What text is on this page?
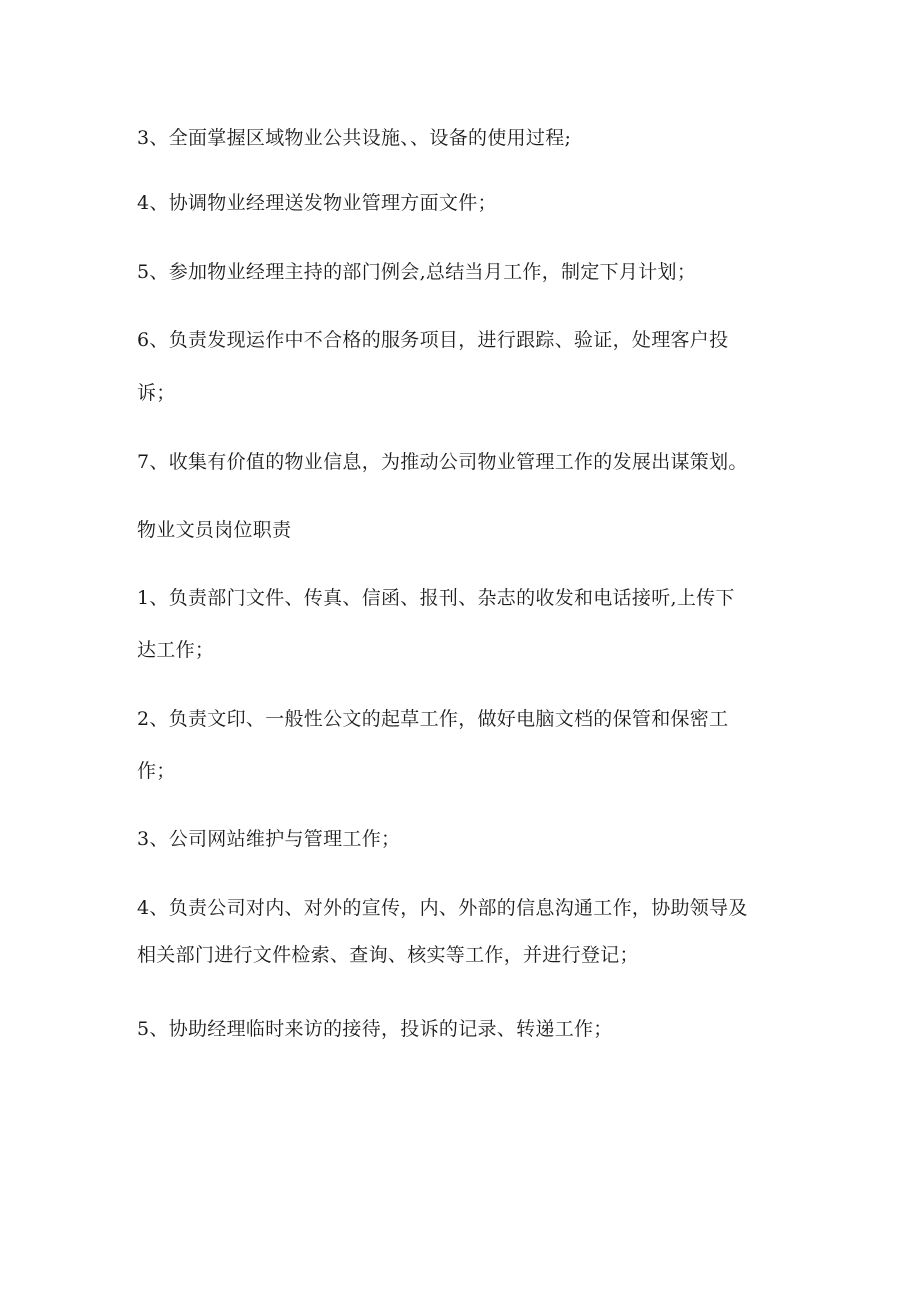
3、全面掌握区域物业公共设施、、设备的使用过程;

4、协调物业经理送发物业管理方面文件；

5、参加物业经理主持的部门例会,总结当月工作，制定下月计划；

6、负责发现运作中不合格的服务项目，进行跟踪、验证，处理客户投

诉；

7、收集有价值的物业信息，为推动公司物业管理工作的发展出谋策划。

物业文员岗位职责

1、负责部门文件、传真、信函、报刊、杂志的收发和电话接听,上传下

达工作；

2、负责文印、一般性公文的起草工作，做好电脑文档的保管和保密工

作；

3、公司网站维护与管理工作；

4、负责公司对内、对外的宣传，内、外部的信息沟通工作，协助领导及

相关部门进行文件检索、查询、核实等工作，并进行登记；

5、协助经理临时来访的接待，投诉的记录、转递工作；
